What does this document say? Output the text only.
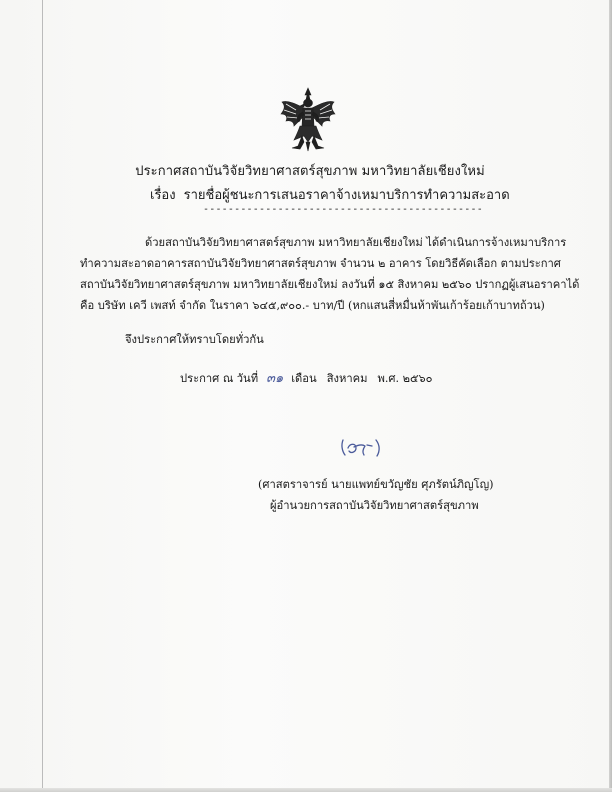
ประกาศสถาบันวิจัยวิทยาศาสตร์สุขภาพ มหาวิทยาลัยเชียงใหม่
เรื่อง รายชื่อผู้ชนะการเสนอราคาจ้างเหมาบริการทำความสะอาด
---------------------------------------------
ด้วยสถาบันวิจัยวิทยาศาสตร์สุขภาพ มหาวิทยาลัยเชียงใหม่ ได้ดำเนินการจ้างเหมาบริการ
ทำความสะอาดอาคารสถาบันวิจัยวิทยาศาสตร์สุขภาพ จำนวน ๒ อาคาร โดยวิธีคัดเลือก ตามประกาศ
สถาบันวิจัยวิทยาศาสตร์สุขภาพ มหาวิทยาลัยเชียงใหม่ ลงวันที่ ๑๕ สิงหาคม ๒๕๖๐ ปรากฏผู้เสนอราคาได้
คือ บริษัท เควี เพสท์ จำกัด ในราคา ๖๔๕,๙๐๐.- บาท/ปี (หกแสนสี่หมื่นห้าพันเก้าร้อยเก้าบาทถ้วน)
จึงประกาศให้ทราบโดยทั่วกัน
ประกาศ ณ วันที่ ๓๑ เดือน สิงหาคม พ.ศ. ๒๕๖๐
(ศาสตราจารย์ นายแพทย์ขวัญชัย ศุภรัตน์ภิญโญ)
ผู้อำนวยการสถาบันวิจัยวิทยาศาสตร์สุขภาพ
